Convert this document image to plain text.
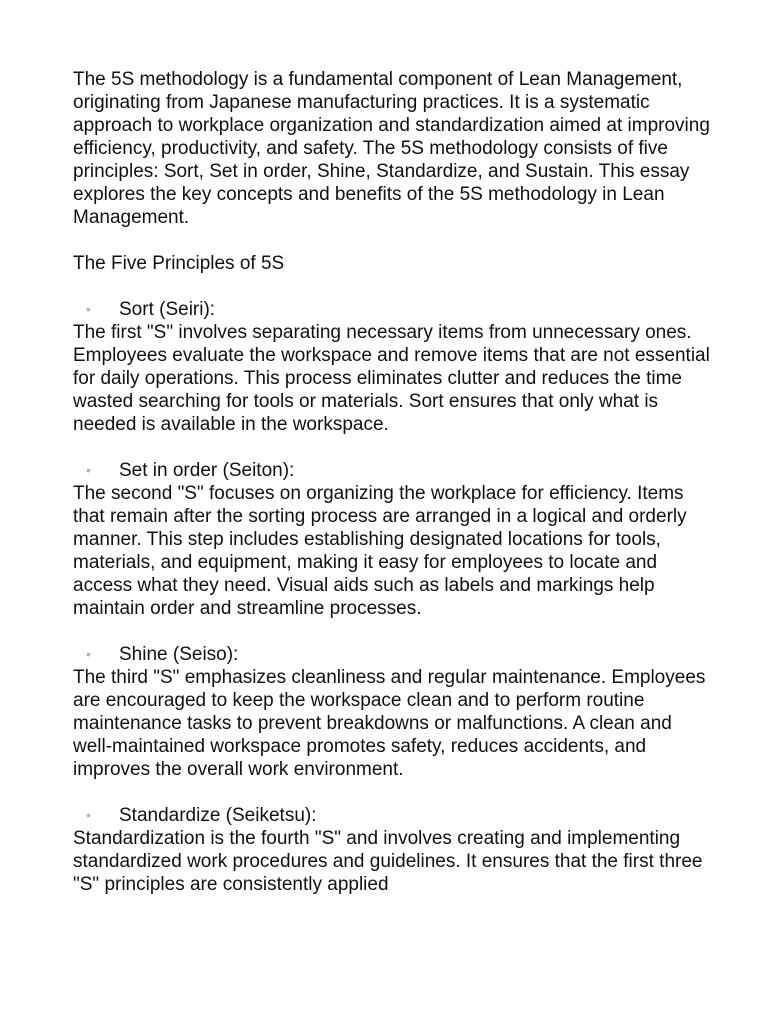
The 5S methodology is a fundamental component of Lean Management, originating from Japanese manufacturing practices. It is a systematic approach to workplace organization and standardization aimed at improving efficiency, productivity, and safety. The 5S methodology consists of five principles: Sort, Set in order, Shine, Standardize, and Sustain. This essay explores the key concepts and benefits of the 5S methodology in Lean Management.

The Five Principles of 5S

• Sort (Seiri):

The first "S" involves separating necessary items from unnecessary ones. Employees evaluate the workspace and remove items that are not essential for daily operations. This process eliminates clutter and reduces the time wasted searching for tools or materials. Sort ensures that only what is needed is available in the workspace.

• Set in order (Seiton):

The second "S" focuses on organizing the workplace for efficiency. Items that remain after the sorting process are arranged in a logical and orderly manner. This step includes establishing designated locations for tools, materials, and equipment, making it easy for employees to locate and access what they need. Visual aids such as labels and markings help maintain order and streamline processes.

• Shine (Seiso):

The third "S" emphasizes cleanliness and regular maintenance. Employees are encouraged to keep the workspace clean and to perform routine maintenance tasks to prevent breakdowns or malfunctions. A clean and well-maintained workspace promotes safety, reduces accidents, and improves the overall work environment.

• Standardize (Seiketsu):

Standardization is the fourth "S" and involves creating and implementing standardized work procedures and guidelines. It ensures that the first three "S" principles are consistently applied
